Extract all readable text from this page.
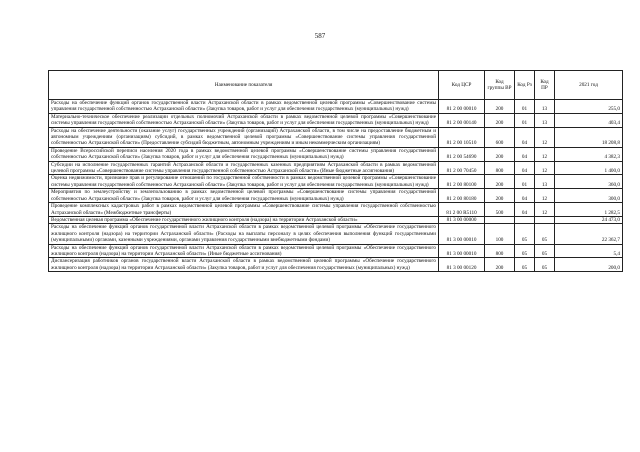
587
Наименование показателя	Код ЦСР	Код группы ВР	Код Рз	Код ПР	2021 год
Расходы на обеспечение функций органов государственной власти Астраханской области в рамках ведомственной целевой программы «Совершенствование системы управления государственной собственностью Астраханской области» (Закупка товаров, работ и услуг для обеспечения государственных (муниципальных) нужд)	81 2 00 00010	200	01	13	255,0
Материально-техническое обеспечение реализации отдельных полномочий Астраханской области в рамках ведомственной целевой программы «Совершенствование системы управления государственной собственностью Астраханской области» (Закупка товаров, работ и услуг для обеспечения государственных (муниципальных) нужд)	81 2 00 00140	200	01	13	403,4
Расходы на обеспечение деятельности (оказание услуг) государственных учреждений (организаций) Астраханской области, в том числе на предоставление бюджетным и автономным учреждениям (организациям) субсидий, в рамках ведомственной целевой программы «Совершенствование системы управления государственной собственностью Астраханской области» (Предоставление субсидий бюджетным, автономным учреждениям и иным некоммерческим организациям)	81 2 00 10510	600	04	12	18 208,8
Проведение Всероссийской переписи населения 2020 года в рамках ведомственной целевой программы «Совершенствование системы управления государственной собственностью Астраханской области» (Закупка товаров, работ и услуг для обеспечения государственных (муниципальных) нужд)	81 2 00 54690	200	04	12	4 382,3
Субсидии на исполнение государственных гарантий Астраханской области и государственных казенных предприятиям Астраханской области в рамках ведомственной целевой программы «Совершенствование системы управления государственной собственностью Астраханской области» (Иные бюджетные ассигнования)	81 2 00 70450	800	04	12	1 400,0
Оценка недвижимости, признание прав и регулирование отношений по государственной собственности в рамках ведомственной целевой программы «Совершенствование системы управления государственной собственностью Астраханской области» (Закупка товаров, работ и услуг для обеспечения государственных (муниципальных) нужд)	81 2 00 80100	200	01	13	360,0
Мероприятия по землеустройству и землепользованию в рамках ведомственной целевой программы «Совершенствование системы управления государственной собственностью Астраханской области» (Закупка товаров, работ и услуг для обеспечения государственных (муниципальных) нужд)	81 2 00 80180	200	04	12	300,0
Проведение комплексных кадастровых работ в рамках ведомственной целевой программы «Совершенствование системы управления государственной собственностью Астраханской области» (Межбюджетные трансферты)	81 2 00 R5110	500	04	12	1 282,5
Ведомственная целевая программа «Обеспечение государственного жилищного контроля (надзора) на территории Астраханской области»	81 3 00 00000				24 473,0
Расходы на обеспечение функций органов государственной власти Астраханской области в рамках ведомственной целевой программы «Обеспечение государственного жилищного контроля (надзора) на территории Астраханской области» (Расходы на выплаты персоналу в целях обеспечения выполнения функций государственными (муниципальными) органами, казенными учреждениями, органами управления государственными внебюджетными фондами)	81 3 00 00010	100	05	05	22 362,7
Расходы на обеспечение функций органов государственной власти Астраханской области в рамках ведомственной целевой программы «Обеспечение государственного жилищного контроля (надзора) на территории Астраханской области» (Иные бюджетные ассигнования)	81 3 00 00010	800	05	05	5,4
Диспансеризация работников органов государственной власти Астраханской области в рамках ведомственной целевой программы «Обеспечение государственного жилищного контроля (надзора) на территории Астраханской области» (Закупка товаров, работ и услуг для обеспечения государственных (муниципальных) нужд)	81 3 00 00120	200	05	05	200,0
